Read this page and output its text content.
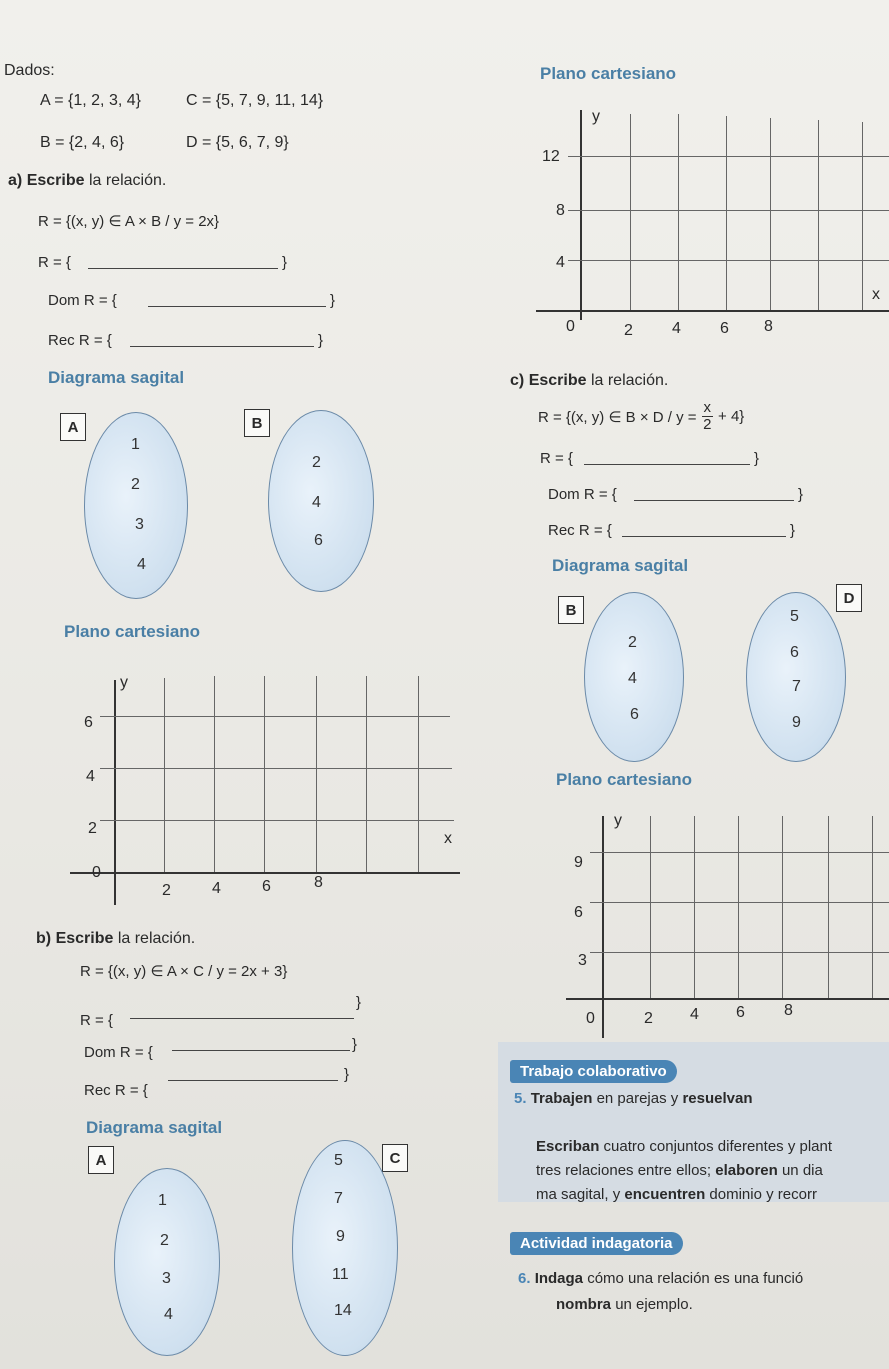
Dados:
A = {1, 2, 3, 4}	C = {5, 7, 9, 11, 14}
B = {2, 4, 6}	D = {5, 6, 7, 9}
a) Escribe la relación.
R = {(x, y) ∈ A × B / y = 2x}
R = {	}
Dom R = {	}
Rec R = {	}
Diagrama sagital
A
1
2
3
4
B
2
4
6
Plano cartesiano
y
x
6
4
2
0
2	4	6	8
Plano cartesiano
y
x
12
8
4
0	2 4 6 8
c) Escribe la relación.
R = {(x, y) ∈ $B \times D / y = \frac{x}{2} + 4$}
R = {	}
Dom R = {	}
Rec R = {	}
Diagrama sagital
B
2
4
6
D
5
6
7
9
Plano cartesiano
y
9
6
3
0	2 4 6 8
b) Escribe la relación.
R = {(x, y) ∈ A × C / y = 2x + 3}
R = {
}
Dom R = {	}
Rec R = {
}
Diagrama sagital
A
1
2
3
4
C
5
7
9
11
14
Trabajo colaborativo
5. Trabajen en parejas y resuelvan
Escriban cuatro conjuntos diferentes y plant
tres relaciones entre ellos; elaboren un dia
ma sagital, y encuentren dominio y recorr
Actividad indagatoria
6. Indaga cómo una relación es una funció
nombra un ejemplo.
